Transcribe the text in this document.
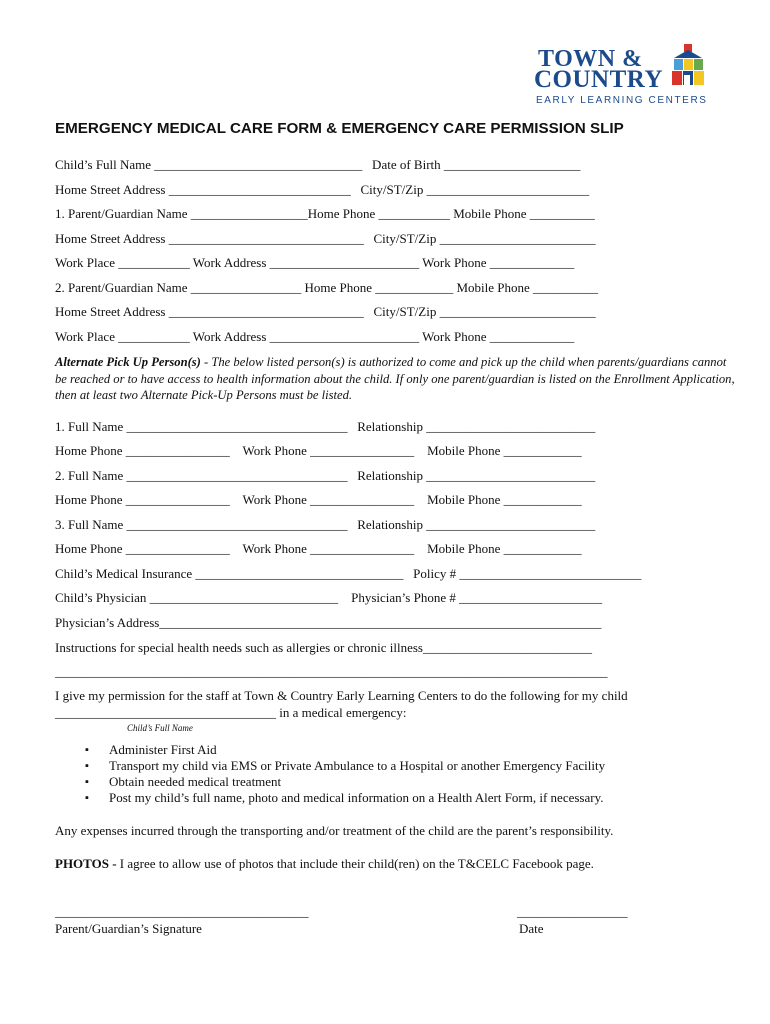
TOWN &
COUNTRY
EARLY LEARNING CENTERS
EMERGENCY MEDICAL CARE FORM & EMERGENCY CARE PERMISSION SLIP
Child’s Full Name ________________________________   Date of Birth _____________________
Home Street Address ____________________________   City/ST/Zip _________________________
1. Parent/Guardian Name __________________Home Phone ___________ Mobile Phone __________
Home Street Address ______________________________   City/ST/Zip ________________________
Work Place ___________ Work Address _______________________ Work Phone _____________
2. Parent/Guardian Name _________________ Home Phone ____________ Mobile Phone __________
Home Street Address ______________________________   City/ST/Zip ________________________
Work Place ___________ Work Address _______________________ Work Phone _____________
Alternate Pick Up Person(s) - The below listed person(s) is authorized to come and pick up the child when parents/guardians cannot be reached or to have access to health information about the child. If only one parent/guardian is listed on the Enrollment Application, then at least two Alternate Pick-Up Persons must be listed.
1. Full Name __________________________________   Relationship __________________________
Home Phone ________________    Work Phone ________________    Mobile Phone ____________
2. Full Name __________________________________   Relationship __________________________
Home Phone ________________    Work Phone ________________    Mobile Phone ____________
3. Full Name __________________________________   Relationship __________________________
Home Phone ________________    Work Phone ________________    Mobile Phone ____________
Child’s Medical Insurance ________________________________   Policy # ____________________________
Child’s Physician _____________________________    Physician’s Phone # ______________________
Physician’s Address____________________________________________________________________
Instructions for special health needs such as allergies or chronic illness__________________________
_____________________________________________________________________________________
I give my permission for the staff at Town & Country Early Learning Centers to do the following for my child
__________________________________ in a medical emergency:
Child’s Full Name
▪ Administer First Aid
▪ Transport my child via EMS or Private Ambulance to a Hospital or another Emergency Facility
▪ Obtain needed medical treatment
▪ Post my child’s full name, photo and medical information on a Health Alert Form, if necessary.
Any expenses incurred through the transporting and/or treatment of the child are the parent’s responsibility.
PHOTOS - I agree to allow use of photos that include their child(ren) on the T&CELC Facebook page.
_______________________________________
Parent/Guardian’s Signature
_________________
Date
